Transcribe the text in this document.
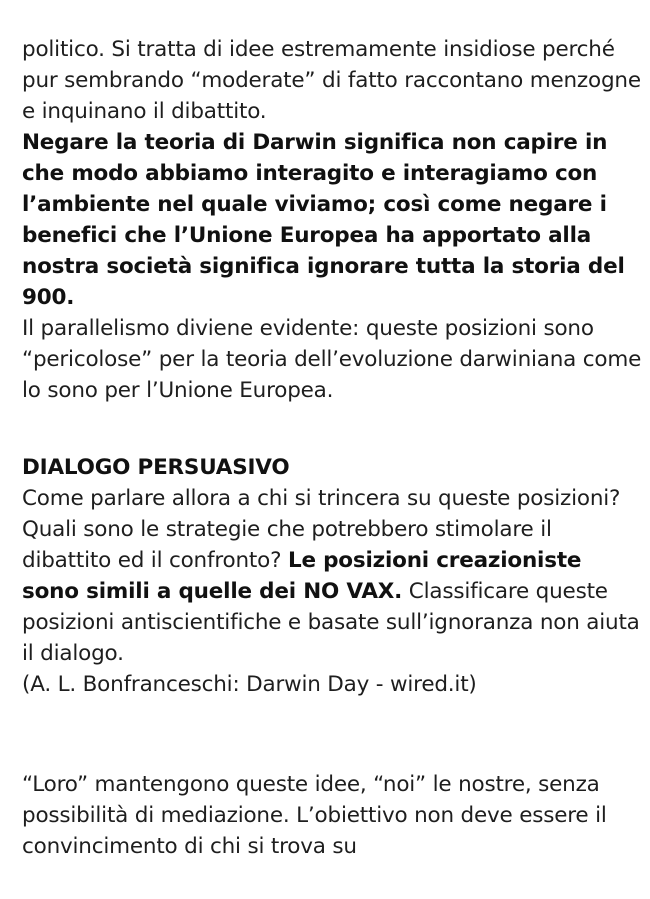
politico. Si tratta di idee estremamente insidiose perché pur sembrando “moderate” di fatto raccontano menzogne e inquinano il dibattito.
Negare la teoria di Darwin significa non capire in che modo abbiamo interagito e interagiamo con l’ambiente nel quale viviamo; così come negare i benefici che l’Unione Europea ha apportato alla nostra società significa ignorare tutta la storia del 900.
Il parallelismo diviene evidente: queste posizioni sono “pericolose” per la teoria dell’evoluzione darwiniana come lo sono per l’Unione Europea.
DIALOGO PERSUASIVO
Come parlare allora a chi si trincera su queste posizioni? Quali sono le strategie che potrebbero stimolare il dibattito ed il confronto? Le posizioni creazioniste sono simili a quelle dei NO VAX. Classificare queste posizioni antiscientifiche e basate sull’ignoranza non aiuta il dialogo.
(A. L. Bonfranceschi: Darwin Day - wired.it)
“Loro” mantengono queste idee, “noi” le nostre, senza possibilità di mediazione. L’obiettivo non deve essere il convincimento di chi si trova su
